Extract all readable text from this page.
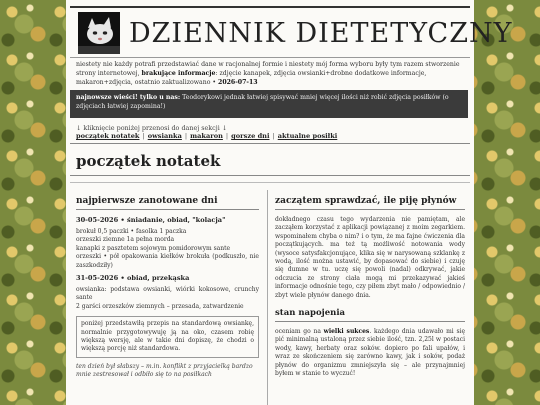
DZIENNIK DIETETYCZNY
niestety nie każdy potrafi przedstawiać dane w racjonalnej formie i niestety mój forma wyboru były tym razem stworzenie strony internetowej, brakujące informacje: zdjęcie kanapek, zdjęcia owsianki+drobne dodatkowe informacje, makaron+zdjęcia, ostatnio zaktualizowano • 2026-07-13
najnowsze wieści! tylko u nas: Teodorykowi jednak łatwiej spisywać mniej więcej ilości niż robić zdjęcia posiłków (o zdjęciach łatwiej zapomina!)
↓ kliknięcie poniżej przenosi do danej sekcji ↓
początek notatek | owsianka | makaron | gorsze dni | aktualne posiłki
początek notatek
najpierwsze zanotowane dni
30-05-2026 • śniadanie, obiad, "kolacja"
brokuł 0,5 paczki • fasolka 1 paczka
orzeszki ziemne 1a pełna morda
kanapki z pasztetem sojowym pomidorowym sante
orzeszki • pół opakowania kiełków brokuła (podkuszło, nie zaszkodziły)
31-05-2026 • obiad, przekąska
owsianka: podstawa owsianki, wiórki kokosowe, crunchy sante
2 garści orzeszków ziemnych – przesada, zatwardzenie
poniżej przedstawiłą przepis na standardową owsiankę, normalnie przygotowywuję ją na oko, czasem robię większą wersję, ale w takie dni dopiszę, że chodzi o większą porcję niż standardowa.
ten dzień był słabszy – m.in. konflikt z przyjacielką bardzo mnie zestresował i odbiło się to na posiłkach
zaczątem sprawdzać, ile piję płynów

dokładnego czasu tego wydarzenia nie pamiętam, ale zacząłem korzystać z aplikacji powiązanej z moim zegarkiem. wspominałem chyba o nim? i o tym, że ma fajne ćwiczenia dla początkujących. ma też tą możliwość notowania wody (wysoce satysfakcjonujące, klika się w narysowaną szklankę z wodą, ilość można ustawić, by dopasować do siebie) i czuję się dumne w tu. uczę się powoli (nadal) odkrywać, jakie odczucia ze strony ciała mogą mi przekazywać jakieś informacje odnośnie tego, czy piłem zbyt mało / odpowiednio / zbyt wiele płynów danego dnia.

stan napojenia

oceniam go na wielki sukces. każdego dnia udawało mi się pić minimalną ustaloną przez siebie ilość, tzn. 2,25l w postaci wody, kawy, herbaty oraz soków. dopiero po fali upałów, i wraz ze skończeniem się zarówno kawy, jak i soków, podaż płynów do organizmu zmniejszyła się – ale przynajmniej byłem w stanie to wyczuć!
